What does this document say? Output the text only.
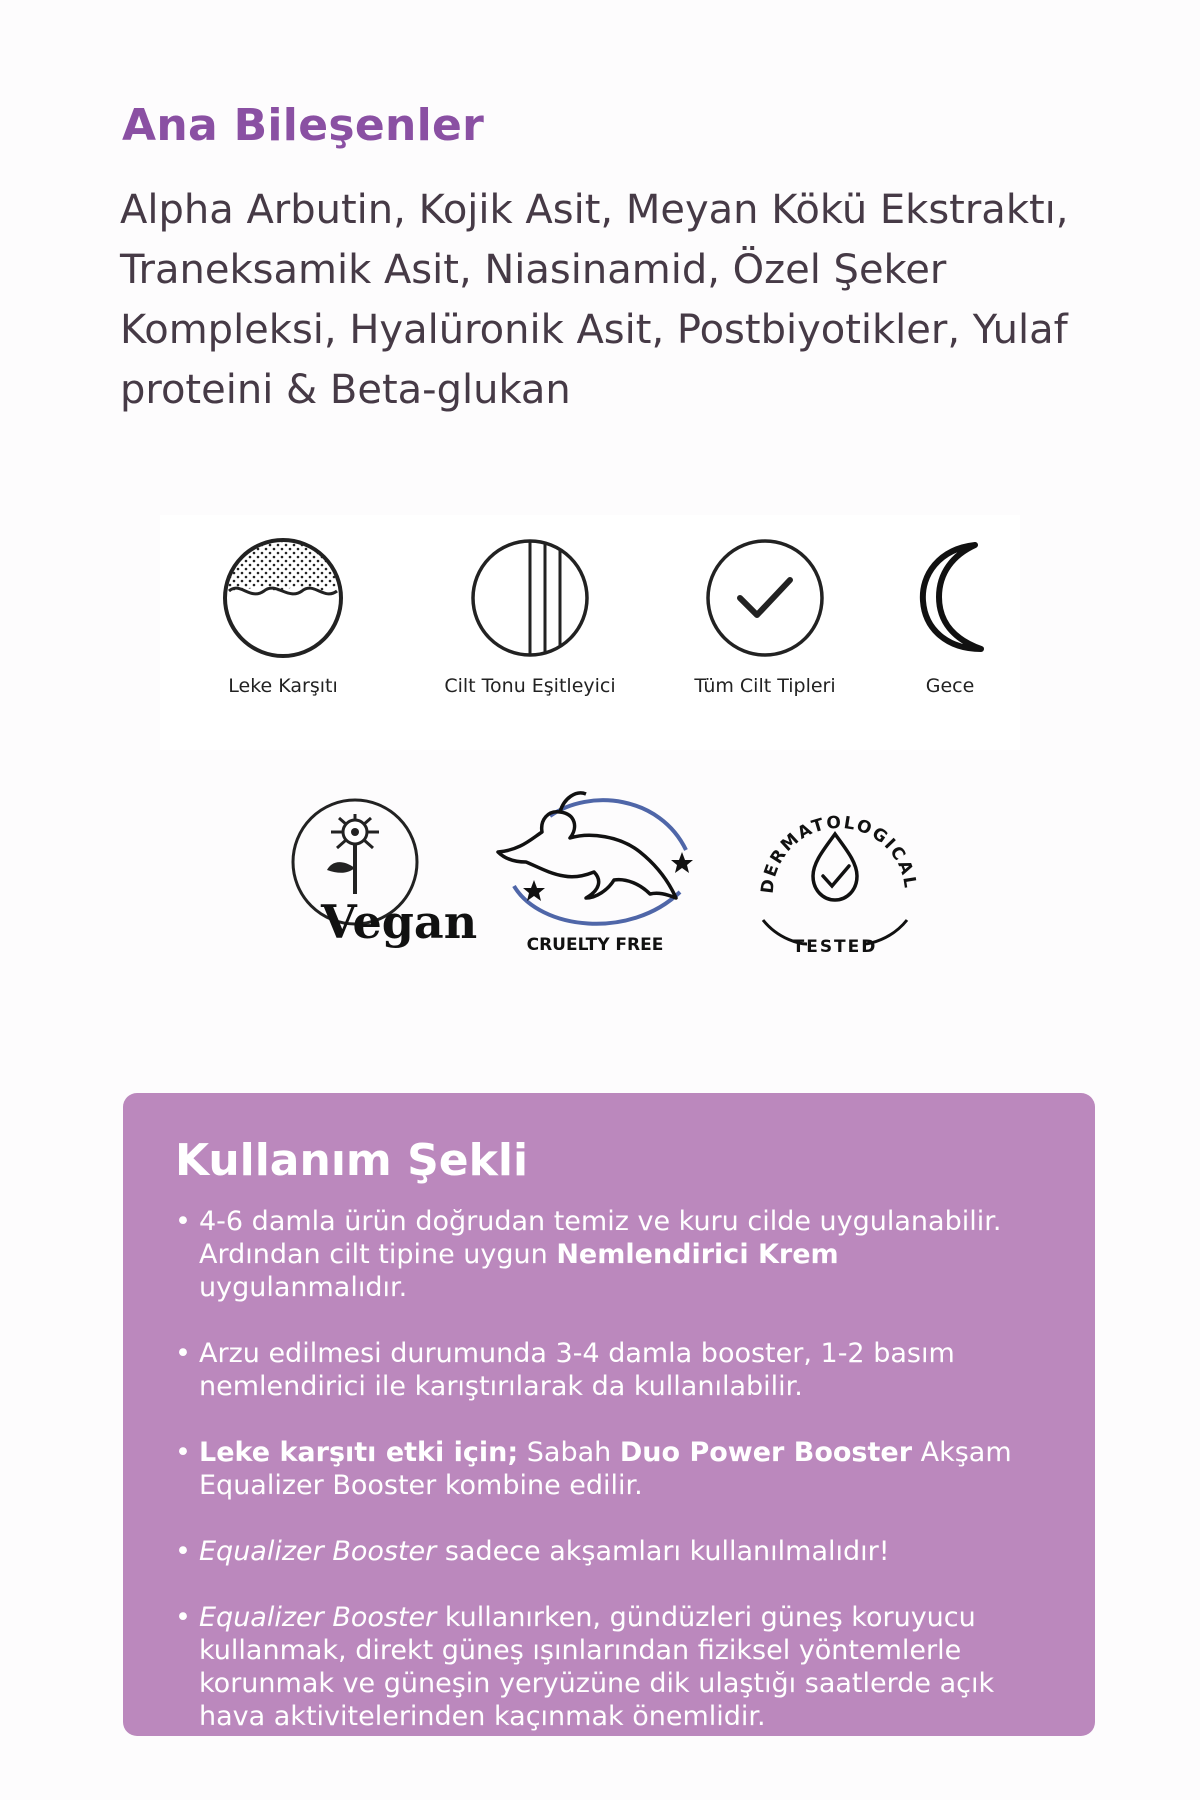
Ana Bileşenler

Alpha Arbutin, Kojik Asit, Meyan Kökü Ekstraktı, Traneksamik Asit, Niasinamid, Özel Şeker Kompleksi, Hyalüronik Asit, Postbiyotikler, Yulaf proteini & Beta-glukan

Leke Karşıtı	Cilt Tonu Eşitleyici	Tüm Cilt Tipleri	Gece
Vegan	CRUELTY FREE
DERMATOLOGICAL
TESTED
Kullanım Şekli
• 4-6 damla ürün doğrudan temiz ve kuru cilde uygulanabilir. Ardından cilt tipine uygun Nemlendirici Krem uygulanmalıdır.
• Arzu edilmesi durumunda 3-4 damla booster, 1-2 basım nemlendirici ile karıştırılarak da kullanılabilir.
• Leke karşıtı etki için; Sabah Duo Power Booster Akşam Equalizer Booster kombine edilir.
• Equalizer Booster sadece akşamları kullanılmalıdır!
• Equalizer Booster kullanırken, gündüzleri güneş koruyucu kullanmak, direkt güneş ışınlarından fiziksel yöntemlerle korunmak ve güneşin yeryüzüne dik ulaştığı saatlerde açık hava aktivitelerinden kaçınmak önemlidir.
